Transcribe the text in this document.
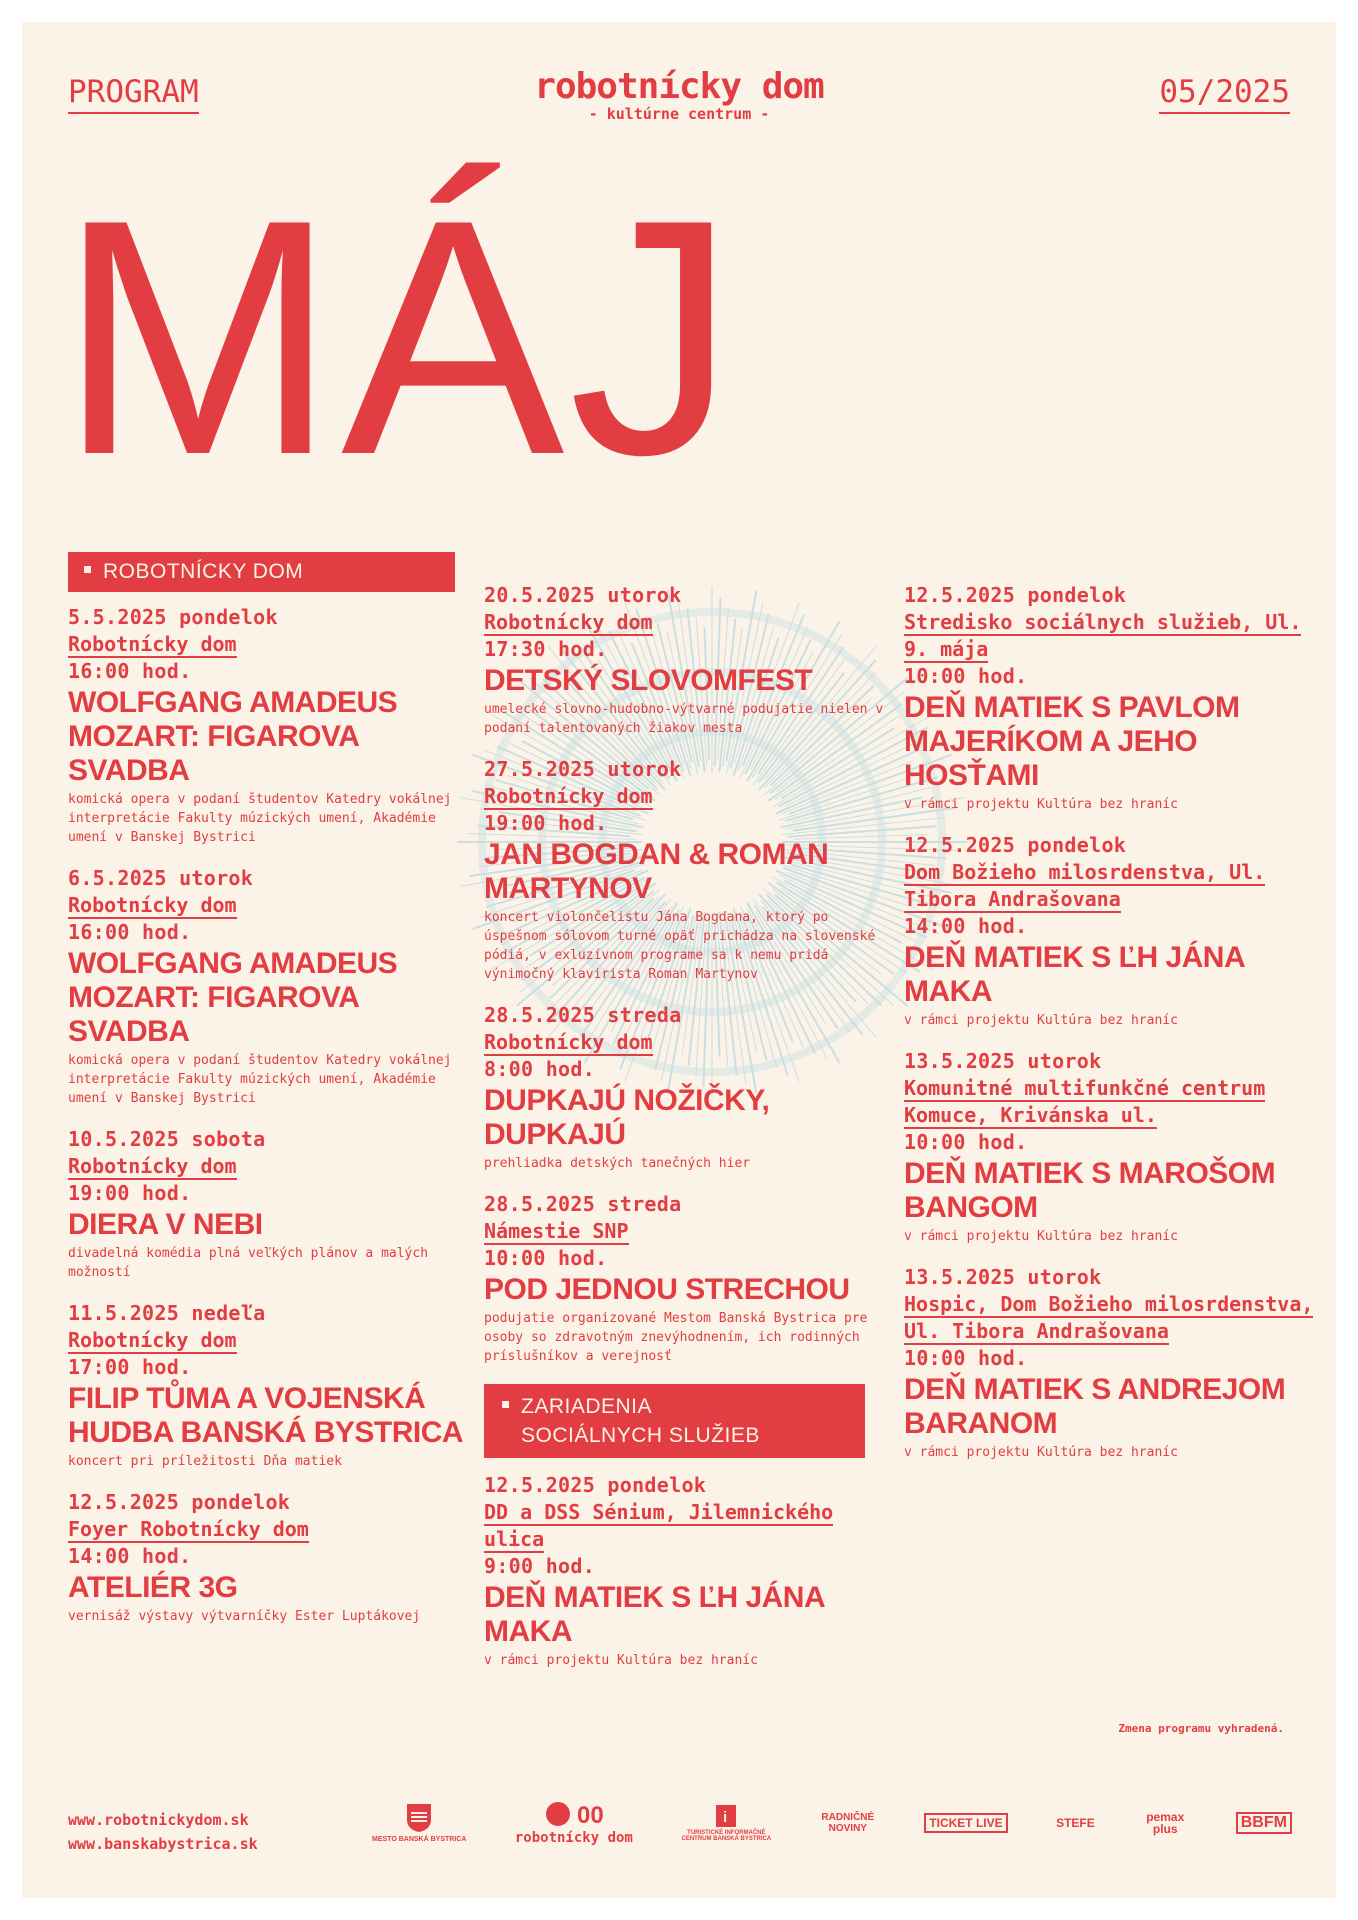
PROGRAM	robotnícky dom
- kultúrne centrum -
05/2025
MÁJ
ROBOTNÍCKY DOM
5.5.2025 pondelok
Robotnícky dom
16:00 hod.
WOLFGANG AMADEUS MOZART: FIGAROVA SVADBA
komická opera v podaní študentov Katedry vokálnej interpretácie Fakulty múzických umení, Akadémie umení v Banskej Bystrici
6.5.2025 utorok
Robotnícky dom
16:00 hod.
WOLFGANG AMADEUS MOZART: FIGAROVA SVADBA
komická opera v podaní študentov Katedry vokálnej interpretácie Fakulty múzických umení, Akadémie umení v Banskej Bystrici
10.5.2025 sobota
Robotnícky dom
19:00 hod.
DIERA V NEBI
divadelná komédia plná veľkých plánov a malých možností
11.5.2025 nedeľa
Robotnícky dom
17:00 hod.
FILIP TŮMA A VOJENSKÁ HUDBA BANSKÁ BYSTRICA
koncert pri príležitosti Dňa matiek
12.5.2025 pondelok
Foyer Robotnícky dom
14:00 hod.
ATELIÉR 3G
vernisáž výstavy výtvarníčky Ester Luptákovej
20.5.2025 utorok
Robotnícky dom
17:30 hod.
DETSKÝ SLOVOMFEST
umelecké slovno-hudobno-výtvarné podujatie nielen v podaní talentovaných žiakov mesta
27.5.2025 utorok
Robotnícky dom
19:00 hod.
JAN BOGDAN & ROMAN MARTYNOV
koncert violončelistu Jána Bogdana, ktorý po úspešnom sólovom turné opäť prichádza na slovenské pódiá, v exluzívnom programe sa k nemu pridá výnimočný klavirista Roman Martynov
28.5.2025 streda
Robotnícky dom
8:00 hod.
DUPKAJÚ NOŽIČKY, DUPKAJÚ
prehliadka detských tanečných hier
28.5.2025 streda
Námestie SNP
10:00 hod.
POD JEDNOU STRECHOU
podujatie organizované Mestom Banská Bystrica pre osoby so zdravotným znevýhodnením, ich rodinných príslušníkov a verejnosť
ZARIADENIA
SOCIÁLNYCH SLUŽIEB
12.5.2025 pondelok
DD a DSS Sénium, Jilemnického ulica
9:00 hod.
DEŇ MATIEK S ĽH JÁNA MAKA
v rámci projektu Kultúra bez hraníc
12.5.2025 pondelok
Stredisko sociálnych služieb, Ul. 9. mája
10:00 hod.
DEŇ MATIEK S PAVLOM MAJERÍKOM A JEHO HOSŤAMI
v rámci projektu Kultúra bez hraníc
12.5.2025 pondelok
Dom Božieho milosrdenstva, Ul. Tibora Andrašovana
14:00 hod.
DEŇ MATIEK S ĽH JÁNA MAKA
v rámci projektu Kultúra bez hraníc
13.5.2025 utorok
Komunitné multifunkčné centrum Komuce, Krivánska ul.
10:00 hod.
DEŇ MATIEK S MAROŠOM BANGOM
v rámci projektu Kultúra bez hraníc
13.5.2025 utorok
Hospic, Dom Božieho milosrdenstva, Ul. Tibora Andrašovana
10:00 hod.
DEŇ MATIEK S ANDREJOM BARANOM
v rámci projektu Kultúra bez hraníc
Zmena programu vyhradená.
www.robotnickydom.sk
www.banskabystrica.sk	MESTO BANSKÁ BYSTRICA
00
robotnícky dom
i
TURISTICKÉ INFORMAČNÉ CENTRUM BANSKÁ BYSTRICA
RADNIČNÉ NOVINY	TICKET LIVE	STEFE	pemax plus	BBFM
